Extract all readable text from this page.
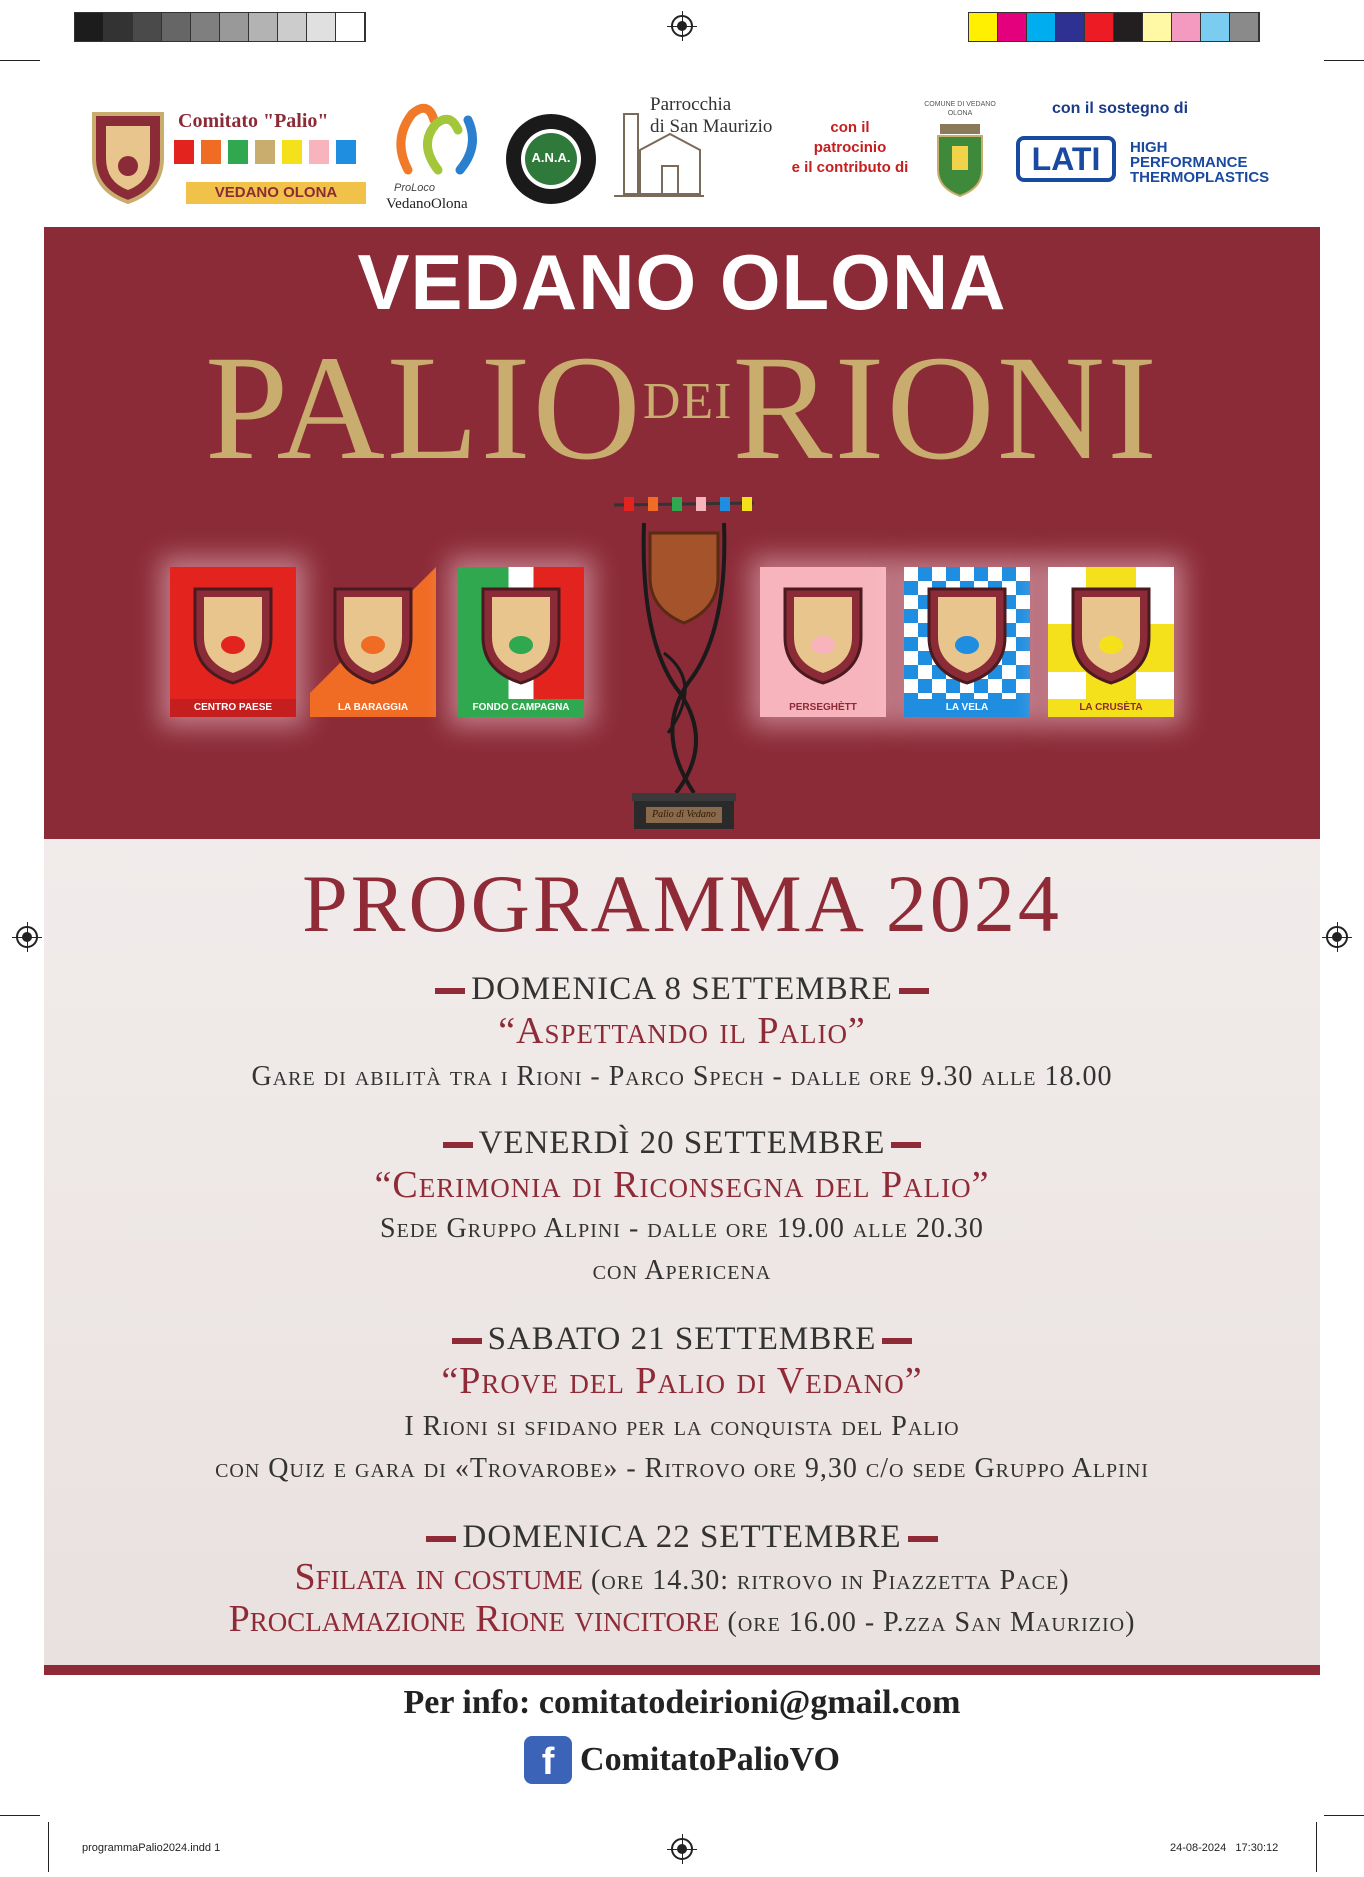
Comitato "Palio"
VEDANO OLONA	ProLoco
VedanoOlona
A.N.A.
Parrocchia
di San Maurizio	con il
patrocinio
e il contributo di
COMUNE DI VEDANO OLONA	con il sostegno di
LATI	HIGH
PERFORMANCE
THERMOPLASTICS
VEDANO OLONA
$PALIO^{DEI}RIONI$
CENTRO PAESE	LA BARAGGIA	FONDO CAMPAGNA	PERSEGHÈTT	LA VELA	LA CRUSÈTA
Palio di Vedano
PROGRAMMA 2024
DOMENICA 8 SETTEMBRE
“Aspettando il Palio”
Gare di abilità tra i Rioni - Parco Spech - dalle ore 9.30 alle 18.00
VENERDÌ 20 SETTEMBRE
“Cerimonia di Riconsegna del Palio”
Sede Gruppo Alpini - dalle ore 19.00 alle 20.30
con Apericena
SABATO 21 SETTEMBRE
“Prove del Palio di Vedano”
I Rioni si sfidano per la conquista del Palio
con Quiz e gara di «Trovarobe» - Ritrovo ore 9,30 c/o sede Gruppo Alpini
DOMENICA 22 SETTEMBRE
Sfilata in costume (ore 14.30: ritrovo in Piazzetta Pace)
Proclamazione Rione vincitore (ore 16.00 - P.zza San Maurizio)
Per info: comitatodeirioni@gmail.com
f ComitatoPalioVO
programmaPalio2024.indd 1	24-08-2024   17:30:12
